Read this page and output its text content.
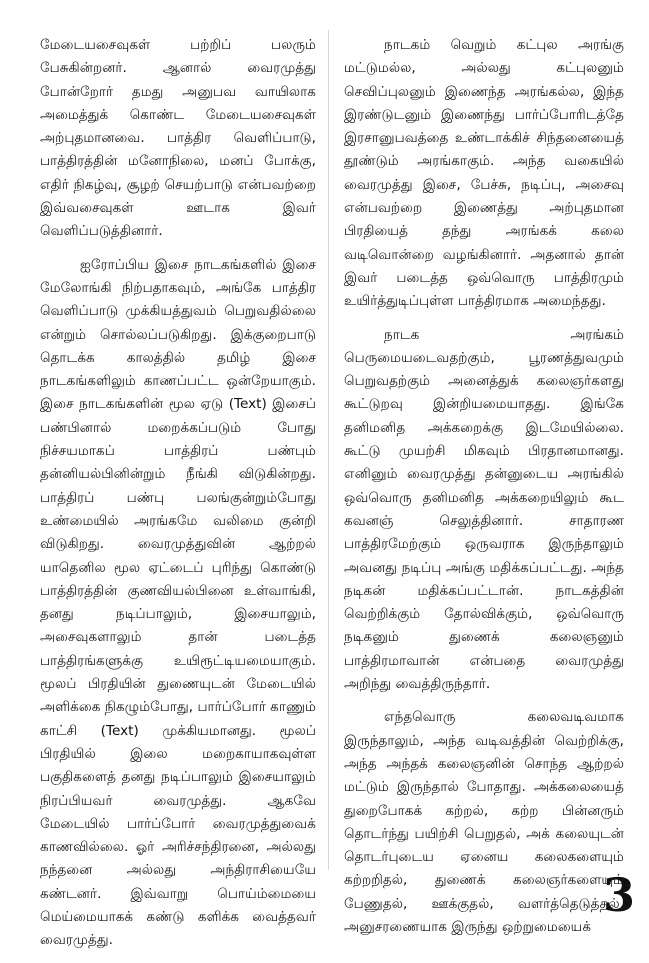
மேடையசைவுகள் பற்றிப் பலரும் பேசுகின்றனர். ஆனால் வைரமுத்து போன்றோர் தமது அனுபவ வாயிலாக அமைத்துக் கொண்ட மேடையசைவுகள் அற்புதமானவை. பாத்திர வெளிப்பாடு, பாத்திரத்தின் மனோநிலை, மனப் போக்கு, எதிர் நிகழ்வு, சூழற் செயற்பாடு என்பவற்றை இவ்வசைவுகள் ஊடாக இவர் வெளிப்படுத்தினார்.

ஐரோப்பிய இசை நாடகங்களில் இசை மேலோங்கி நிற்பதாகவும், அங்கே பாத்திர வெளிப்பாடு முக்கியத்துவம் பெறுவதில்லை என்றும் சொல்லப்படுகிறது. இக்குறைபாடு தொடக்க காலத்தில் தமிழ் இசை நாடகங்களிலும் காணப்பட்ட ஒன்றேயாகும். இசை நாடகங்களின் மூல ஏடு (Text) இசைப் பண்பினால் மறைக்கப்படும் போது நிச்சயமாகப் பாத்திரப் பண்பும் தன்னியல்பினின்றும் நீங்கி விடுகின்றது. பாத்திரப் பண்பு பலங்குன்றும்போது உண்மையில் அரங்கமே வலிமை குன்றி விடுகிறது. வைரமுத்துவின் ஆற்றல் யாதெனில மூல ஏட்டைப் புரிந்து கொண்டு பாத்திரத்தின் குணவியல்பினை உள்வாங்கி, தனது நடிப்பாலும், இசையாலும், அசைவுகளாலும் தான் படைத்த பாத்திரங்களுக்கு உயிரூட்டியமையாகும். மூலப் பிரதியின் துணையுடன் மேடையில் அளிக்கை நிகழும்போது, பார்ப்போர் காணும் காட்சி (Text) முக்கியமானது. மூலப் பிரதியில் இலை மறைகாயாகவுள்ள பகுதிகளைத் தனது நடிப்பாலும் இசையாலும் நிரப்பியவர் வைரமுத்து. ஆகவே மேடையில் பார்ப்போர் வைரமுத்துவைக் காணவில்லை. ஓர் அரிச்சந்திரனை, அல்லது நந்தனை அல்லது அந்திராசியையே கண்டனர். இவ்வாறு பொய்ம்மையை மெய்மையாகக் கண்டு களிக்க வைத்தவர் வைரமுத்து.

நாடகம் வெறும் கட்புல அரங்கு மட்டுமல்ல, அல்லது கட்புலனும் செவிப்புலனும் இணைந்த அரங்கல்ல, இந்த இரண்டுடனும் இணைந்து பார்ப்போரிடத்தே இரசானுபவத்தை உண்டாக்கிச் சிந்தனையைத் தூண்டும் அரங்காகும். அந்த வகையில் வைரமுத்து இசை, பேச்சு, நடிப்பு, அசைவு என்பவற்றை இணைத்து அற்புதமான பிரதியைத் தந்து அரங்கக் கலை வடிவொன்றை வழங்கினார். அதனால் தான் இவர் படைத்த ஒவ்வொரு பாத்திரமும் உயிர்த்துடிப்புள்ள பாத்திரமாக அமைந்தது.

நாடக அரங்கம் பெருமையடைவதற்கும், பூரணத்துவமும் பெறுவதற்கும் அனைத்துக் கலைஞர்களது கூட்டுறவு இன்றியமையாதது. இங்கே தனிமனித அக்கறைக்கு இடமேயில்லை. கூட்டு முயற்சி மிகவும் பிரதானமானது. எனினும் வைரமுத்து தன்னுடைய அரங்கில் ஒவ்வொரு தனிமனித அக்கறையிலும் கூட கவனஞ் செலுத்தினார். சாதாரண பாத்திரமேற்கும் ஒருவராக இருந்தாலும் அவனது நடிப்பு அங்கு மதிக்கப்பட்டது. அந்த நடிகன் மதிக்கப்பட்டான். நாடகத்தின் வெற்றிக்கும் தோல்விக்கும், ஒவ்வொரு நடிகனும் துணைக் கலைஞனும் பாத்திரமாவான் என்பதை வைரமுத்து அறிந்து வைத்திருந்தார்.

எந்தவொரு கலைவடிவமாக இருந்தாலும், அந்த வடிவத்தின் வெற்றிக்கு, அந்த அந்தக் கலைஞனின் சொந்த ஆற்றல் மட்டும் இருந்தால் போதாது. அக்கலையைத் துறைபோகக் கற்றல், கற்ற பின்னரும் தொடர்ந்து பயிற்சி பெறுதல், அக் கலையுடன் தொடர்புடைய ஏனைய கலைகளையும் கற்றறிதல், துணைக் கலைஞர்களையும் பேணுதல், ஊக்குதல், வளர்த்தெடுத்தல், அனுசரணையாக இருந்து ஒற்றுமையைக்

3
